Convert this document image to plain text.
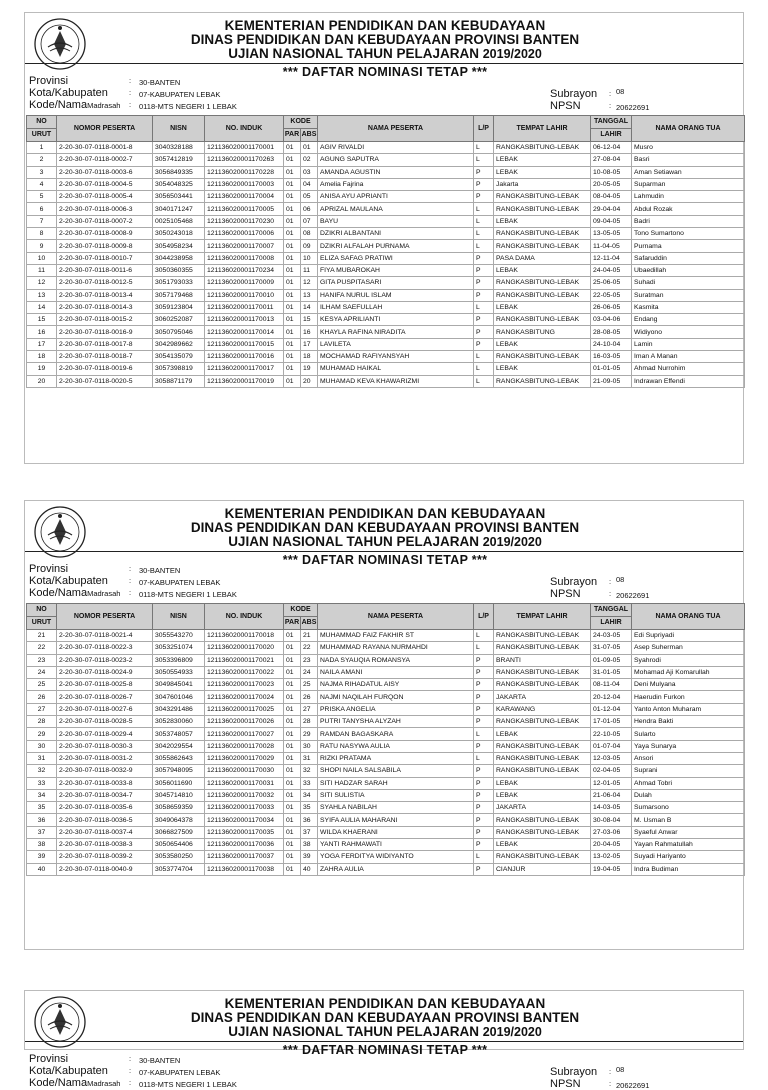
KEMENTERIAN PENDIDIKAN DAN KEBUDAYAAN
DINAS PENDIDIKAN DAN KEBUDAYAAN PROVINSI BANTEN
UJIAN NASIONAL TAHUN PELAJARAN 2019/2020
*** DAFTAR NOMINASI TETAP ***
Provinsi	: 30-BANTEN
Kota/Kabupaten	: 07-KABUPATEN LEBAK
Kode/NamaMadrasah : 0118-MTS NEGERI 1 LEBAK
Subrayon : 08
NPSN	: 20622691
NO	NOMOR PESERTA	NISN	NO. INDUK	KODE		NAMA PESERTA	L/P	TEMPAT LAHIR	TANGGAL	NAMA ORANG TUA
URUT				PAR	ABS				LAHIR	
1	2-20-30-07-0118-0001-8	3040328188	121136020001170001	01	01	AGIV RIVALDI	L	RANGKASBITUNG-LEBAK	06-12-04	Musro
2	2-20-30-07-0118-0002-7	3057412819	121136020001170263	01	02	AGUNG SAPUTRA	L	LEBAK	27-08-04	Basri
3	2-20-30-07-0118-0003-6	3056849335	121136020001170228	01	03	AMANDA AGUSTIN	P	LEBAK	10-08-05	Aman Setiawan
4	2-20-30-07-0118-0004-5	3054048325	121136020001170003	01	04	Amelia Fajrina	P	Jakarta	20-05-05	Suparman
5	2-20-30-07-0118-0005-4	3056503441	121136020001170004	01	05	ANISA AYU APRIANTI	P	RANGKASBITUNG-LEBAK	08-04-05	Lahmudin
6	2-20-30-07-0118-0006-3	3040171247	121136020001170005	01	06	APRIZAL MAULANA	L	RANGKASBITUNG-LEBAK	29-04-04	Abdul Rozak
7	2-20-30-07-0118-0007-2	0025105468	121136020001170230	01	07	BAYU	L	LEBAK	09-04-05	Badri
8	2-20-30-07-0118-0008-9	3050243018	121136020001170006	01	08	DZIKRI ALBANTANI	L	RANGKASBITUNG-LEBAK	13-05-05	Tono Sumartono
9	2-20-30-07-0118-0009-8	3054958234	121136020001170007	01	09	DZIKRI ALFALAH PURNAMA	L	RANGKASBITUNG-LEBAK	11-04-05	Purnama
10	2-20-30-07-0118-0010-7	3044238958	121136020001170008	01	10	ELIZA SAFAG PRATIWI	P	PASA DAMA	12-11-04	Safaruddin
11	2-20-30-07-0118-0011-6	3050360355	121136020001170234	01	11	FIYA MUBAROKAH	P	LEBAK	24-04-05	Ubaedillah
12	2-20-30-07-0118-0012-5	3051793033	121136020001170009	01	12	GITA PUSPITASARI	P	RANGKASBITUNG-LEBAK	25-06-05	Suhadi
13	2-20-30-07-0118-0013-4	3057179468	121136020001170010	01	13	HANIFA NURUL ISLAM	P	RANGKASBITUNG-LEBAK	22-05-05	Suratman
14	2-20-30-07-0118-0014-3	3059123804	121136020001170011	01	14	ILHAM SAEFULLAH	L	LEBAK	26-06-05	Kasmita
15	2-20-30-07-0118-0015-2	3060252087	121136020001170013	01	15	KESYA APRILIANTI	P	RANGKASBITUNG-LEBAK	03-04-06	Endang
16	2-20-30-07-0118-0016-9	3050795046	121136020001170014	01	16	KHAYLA RAFINA NIRADITA	P	RANGKASBITUNG	28-08-05	Widiyono
17	2-20-30-07-0118-0017-8	3042989662	121136020001170015	01	17	LAVILETA	P	LEBAK	24-10-04	Lamin
18	2-20-30-07-0118-0018-7	3054135079	121136020001170016	01	18	MOCHAMAD RAFIYANSYAH	L	RANGKASBITUNG-LEBAK	16-03-05	Iman A Manan
19	2-20-30-07-0118-0019-6	3057398819	121136020001170017	01	19	MUHAMAD HAIKAL	L	LEBAK	01-01-05	Ahmad Nurrohim
20	2-20-30-07-0118-0020-5	3058871179	121136020001170019	01	20	MUHAMAD KEVA KHAWARIZMI	L	RANGKASBITUNG-LEBAK	21-09-05	Indrawan Effendi
KEMENTERIAN PENDIDIKAN DAN KEBUDAYAAN
DINAS PENDIDIKAN DAN KEBUDAYAAN PROVINSI BANTEN
UJIAN NASIONAL TAHUN PELAJARAN 2019/2020
*** DAFTAR NOMINASI TETAP ***
Provinsi	: 30-BANTEN
Kota/Kabupaten	: 07-KABUPATEN LEBAK
Kode/NamaMadrasah : 0118-MTS NEGERI 1 LEBAK
Subrayon : 08
NPSN	: 20622691
NO	NOMOR PESERTA	NISN	NO. INDUK	KODE		NAMA PESERTA	L/P	TEMPAT LAHIR	TANGGAL	NAMA ORANG TUA
URUT				PAR	ABS				LAHIR	
21	2-20-30-07-0118-0021-4	3055543270	121136020001170018	01	21	MUHAMMAD FAIZ FAKHIR ST	L	RANGKASBITUNG-LEBAK	24-03-05	Edi Supriyadi
22	2-20-30-07-0118-0022-3	3053251074	121136020001170020	01	22	MUHAMMAD RAYANA NURMAHDI	L	RANGKASBITUNG-LEBAK	31-07-05	Asep Suherman
23	2-20-30-07-0118-0023-2	3053396809	121136020001170021	01	23	NADA SYAUQIA ROMANSYA	P	BRANTI	01-09-05	Syahrodi
24	2-20-30-07-0118-0024-9	3050554933	121136020001170022	01	24	NAILA AMANI	P	RANGKASBITUNG-LEBAK	31-01-05	Mohamad Aji Komarullah
25	2-20-30-07-0118-0025-8	3049845041	121136020001170023	01	25	NAJMA RIHADATUL AISY	P	RANGKASBITUNG-LEBAK	08-11-04	Deni Mulyana
26	2-20-30-07-0118-0026-7	3047601046	121136020001170024	01	26	NAJMI NAQILAH FURQON	P	JAKARTA	20-12-04	Haerudin Furkon
27	2-20-30-07-0118-0027-6	3043291486	121136020001170025	01	27	PRISKA ANGELIA	P	KARAWANG	01-12-04	Yanto Anton Muharam
28	2-20-30-07-0118-0028-5	3052830060	121136020001170026	01	28	PUTRI TANYSHA ALYZAH	P	RANGKASBITUNG-LEBAK	17-01-05	Hendra Bakti
29	2-20-30-07-0118-0029-4	3053748057	121136020001170027	01	29	RAMDAN BAGASKARA	L	LEBAK	22-10-05	Sularto
30	2-20-30-07-0118-0030-3	3042029554	121136020001170028	01	30	RATU NASYWA AULIA	P	RANGKASBITUNG-LEBAK	01-07-04	Yaya Sunarya
31	2-20-30-07-0118-0031-2	3055862643	121136020001170029	01	31	RIZKI PRATAMA	L	RANGKASBITUNG-LEBAK	12-03-05	Ansori
32	2-20-30-07-0118-0032-9	3057948095	121136020001170030	01	32	SHOPI NAILA SALSABILA	P	RANGKASBITUNG-LEBAK	02-04-05	Suprani
33	2-20-30-07-0118-0033-8	3056011690	121136020001170031	01	33	SITI HADZAR SARAH	P	LEBAK	12-01-05	Ahmad Tobri
34	2-20-30-07-0118-0034-7	3045714810	121136020001170032	01	34	SITI SULISTIA	P	LEBAK	21-06-04	Dulah
35	2-20-30-07-0118-0035-6	3058659359	121136020001170033	01	35	SYAHLA NABILAH	P	JAKARTA	14-03-05	Sumarsono
36	2-20-30-07-0118-0036-5	3049064378	121136020001170034	01	36	SYIFA AULIA MAHARANI	P	RANGKASBITUNG-LEBAK	30-08-04	M. Usman B
37	2-20-30-07-0118-0037-4	3066827509	121136020001170035	01	37	WILDA KHAERANI	P	RANGKASBITUNG-LEBAK	27-03-06	Syaeful Anwar
38	2-20-30-07-0118-0038-3	3050654406	121136020001170036	01	38	YANTI RAHMAWATI	P	LEBAK	20-04-05	Yayan Rahmatullah
39	2-20-30-07-0118-0039-2	3053580250	121136020001170037	01	39	YOGA FERDITYA WIDIYANTO	L	RANGKASBITUNG-LEBAK	13-02-05	Suyadi Hariyanto
40	2-20-30-07-0118-0040-9	3053774704	121136020001170038	01	40	ZAHRA AULIA	P	CIANJUR	19-04-05	Indra Budiman
KEMENTERIAN PENDIDIKAN DAN KEBUDAYAAN
DINAS PENDIDIKAN DAN KEBUDAYAAN PROVINSI BANTEN
UJIAN NASIONAL TAHUN PELAJARAN 2019/2020
*** DAFTAR NOMINASI TETAP ***
Provinsi	: 30-BANTEN
Kota/Kabupaten	: 07-KABUPATEN LEBAK
Kode/NamaMadrasah : 0118-MTS NEGERI 1 LEBAK
Subrayon : 08
NPSN	: 20622691
